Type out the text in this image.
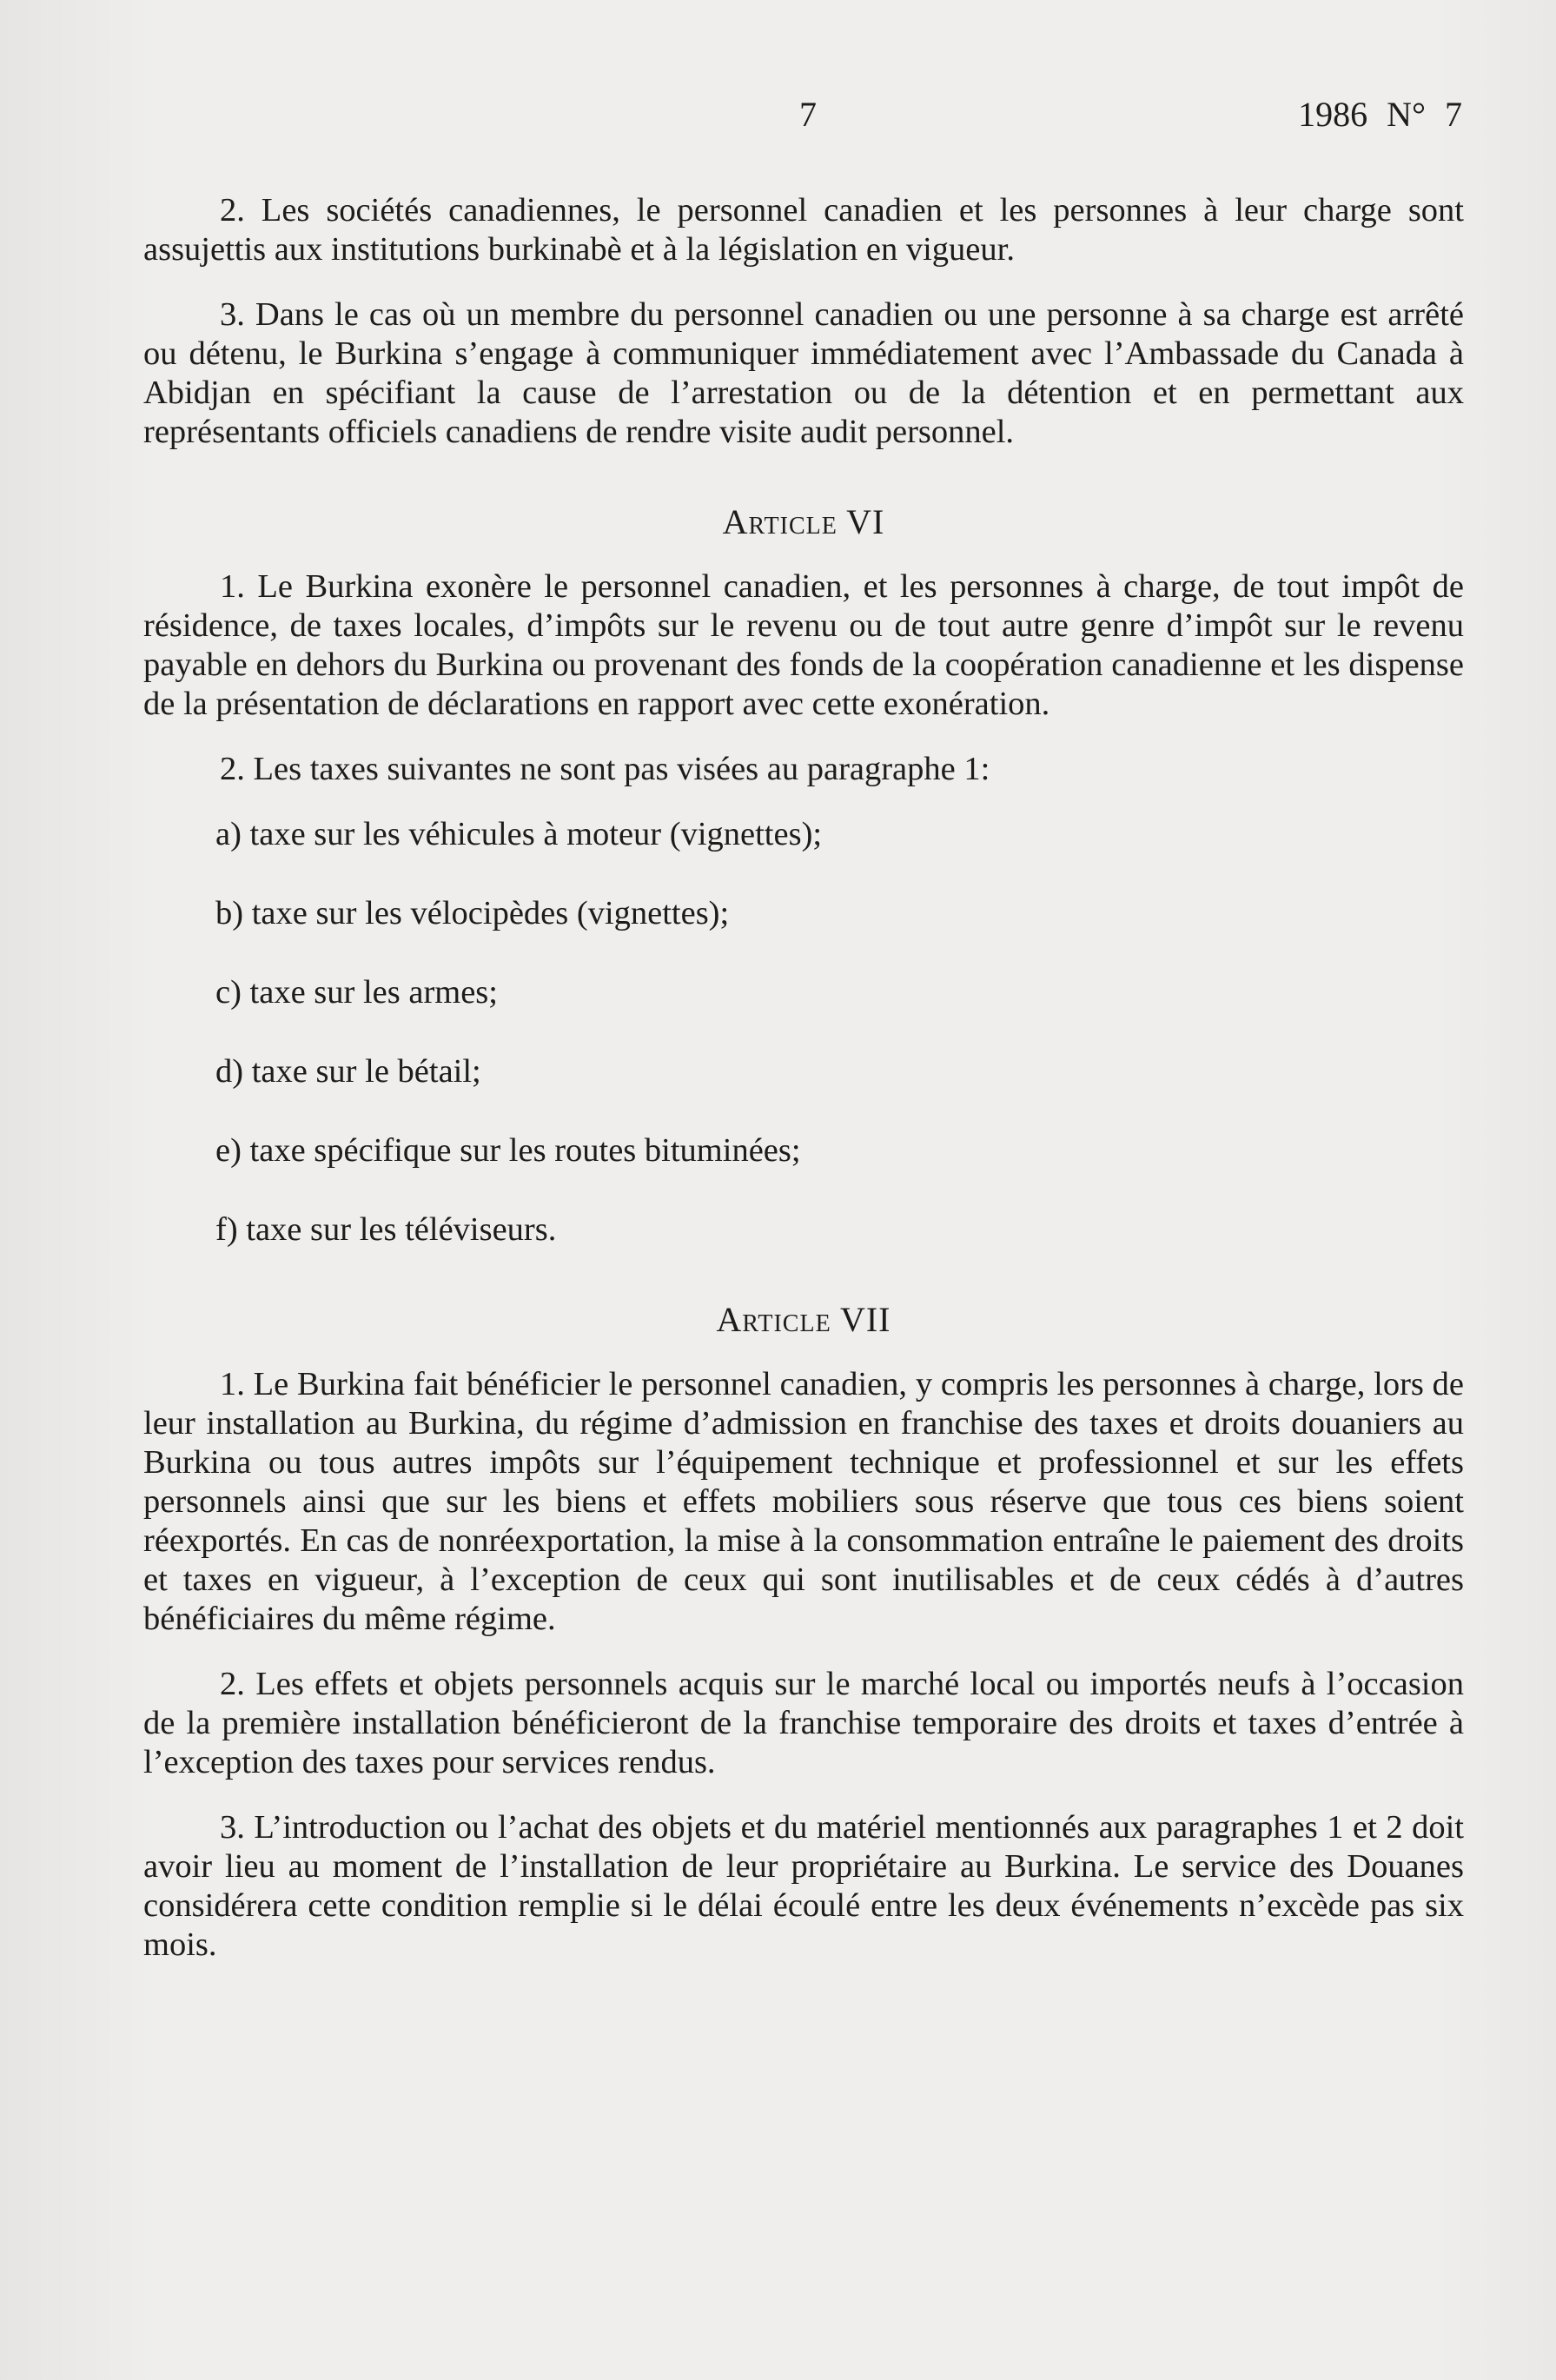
7	1986 N° 7

2. Les sociétés canadiennes, le personnel canadien et les personnes à leur charge sont assujettis aux institutions burkinabè et à la législation en vigueur.

3. Dans le cas où un membre du personnel canadien ou une personne à sa charge est arrêté ou détenu, le Burkina s’engage à communiquer immédiatement avec l’Ambassade du Canada à Abidjan en spécifiant la cause de l’arrestation ou de la détention et en permettant aux représentants officiels canadiens de rendre visite audit personnel.

Article VI

1. Le Burkina exonère le personnel canadien, et les personnes à charge, de tout impôt de résidence, de taxes locales, d’impôts sur le revenu ou de tout autre genre d’impôt sur le revenu payable en dehors du Burkina ou provenant des fonds de la coopération canadienne et les dispense de la présentation de déclarations en rapport avec cette exonération.

2. Les taxes suivantes ne sont pas visées au paragraphe 1:

a) taxe sur les véhicules à moteur (vignettes);
b) taxe sur les vélocipèdes (vignettes);
c) taxe sur les armes;
d) taxe sur le bétail;
e) taxe spécifique sur les routes bituminées;
f) taxe sur les téléviseurs.
Article VII

1. Le Burkina fait bénéficier le personnel canadien, y compris les personnes à charge, lors de leur installation au Burkina, du régime d’admission en franchise des taxes et droits douaniers au Burkina ou tous autres impôts sur l’équipement technique et professionnel et sur les effets personnels ainsi que sur les biens et effets mobiliers sous réserve que tous ces biens soient réexportés. En cas de nonréexportation, la mise à la consommation entraîne le paiement des droits et taxes en vigueur, à l’exception de ceux qui sont inutilisables et de ceux cédés à d’autres bénéficiaires du même régime.

2. Les effets et objets personnels acquis sur le marché local ou importés neufs à l’occasion de la première installation bénéficieront de la franchise temporaire des droits et taxes d’entrée à l’exception des taxes pour services rendus.

3. L’introduction ou l’achat des objets et du matériel mentionnés aux paragraphes 1 et 2 doit avoir lieu au moment de l’installation de leur propriétaire au Burkina. Le service des Douanes considérera cette condition remplie si le délai écoulé entre les deux événements n’excède pas six mois.
